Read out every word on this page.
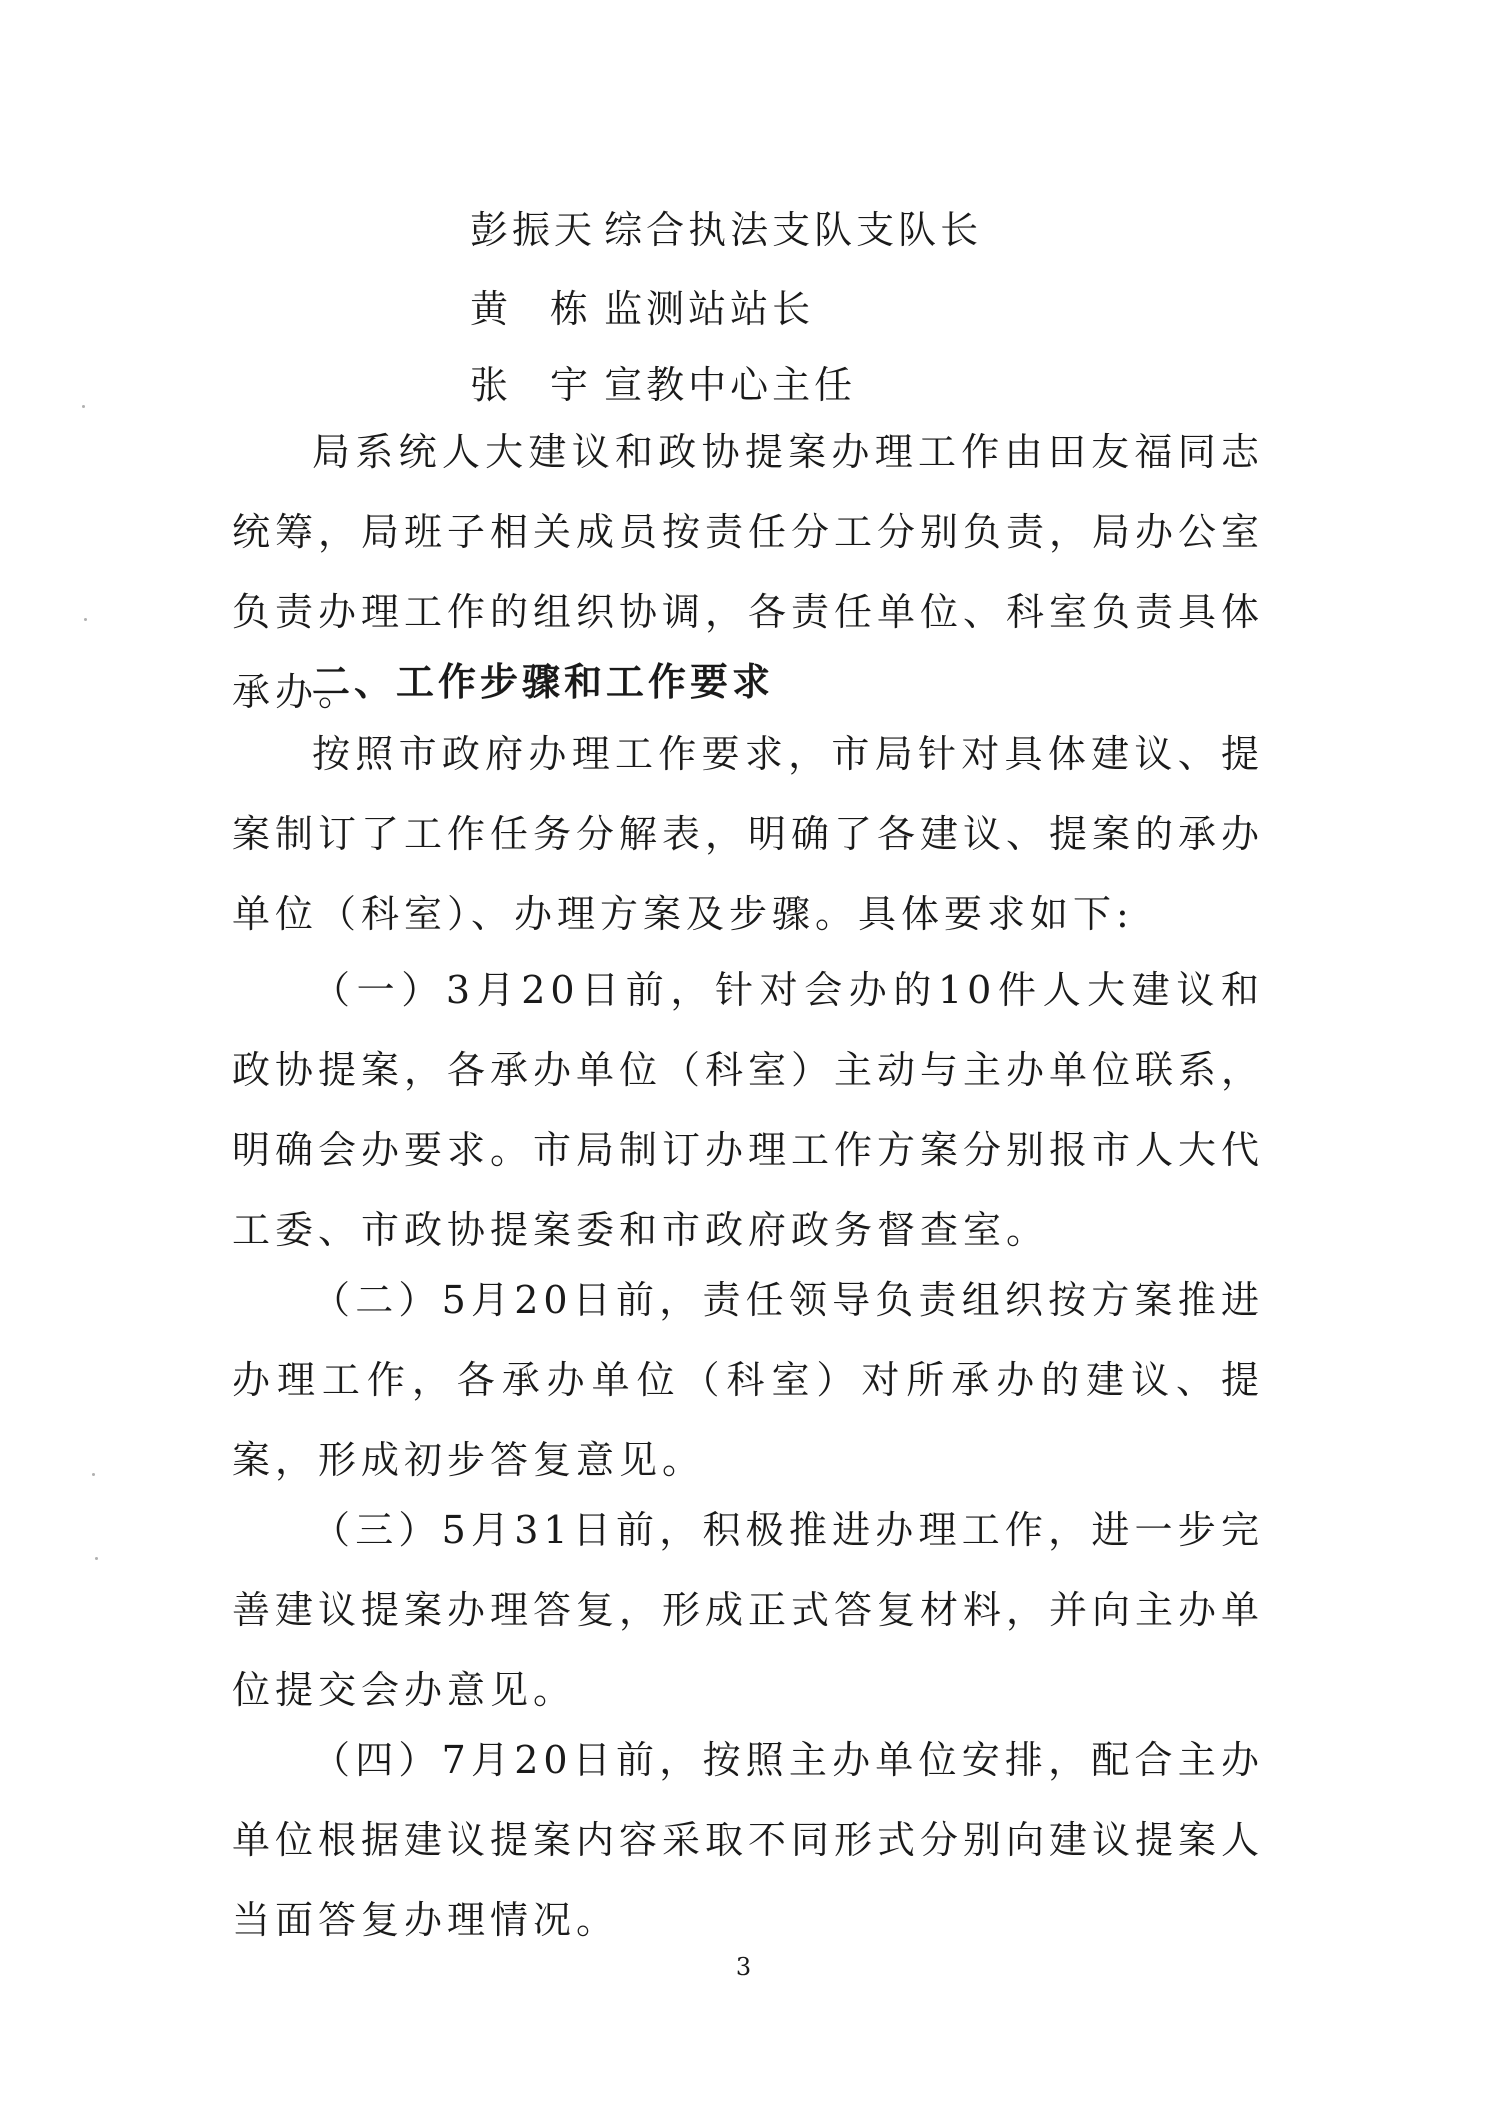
彭振天 综合执法支队支队长
黄栋 监测站站长
张宇 宣教中心主任

局系统人大建议和政协提案办理工作由田友福同志统筹，局班子相关成员按责任分工分别负责，局办公室负责办理工作的组织协调，各责任单位、科室负责具体承办。

二、工作步骤和工作要求

按照市政府办理工作要求，市局针对具体建议、提案制订了工作任务分解表，明确了各建议、提案的承办单位（科室）、办理方案及步骤。具体要求如下:

（一）3月20日前，针对会办的10件人大建议和政协提案，各承办单位（科室）主动与主办单位联系，明确会办要求。市局制订办理工作方案分别报市人大代工委、市政协提案委和市政府政务督查室。

（二）5月20日前，责任领导负责组织按方案推进办理工作，各承办单位（科室）对所承办的建议、提案，形成初步答复意见。

（三）5月31日前，积极推进办理工作，进一步完善建议提案办理答复，形成正式答复材料，并向主办单位提交会办意见。

（四）7月20日前，按照主办单位安排，配合主办单位根据建议提案内容采取不同形式分别向建议提案人当面答复办理情况。

3
